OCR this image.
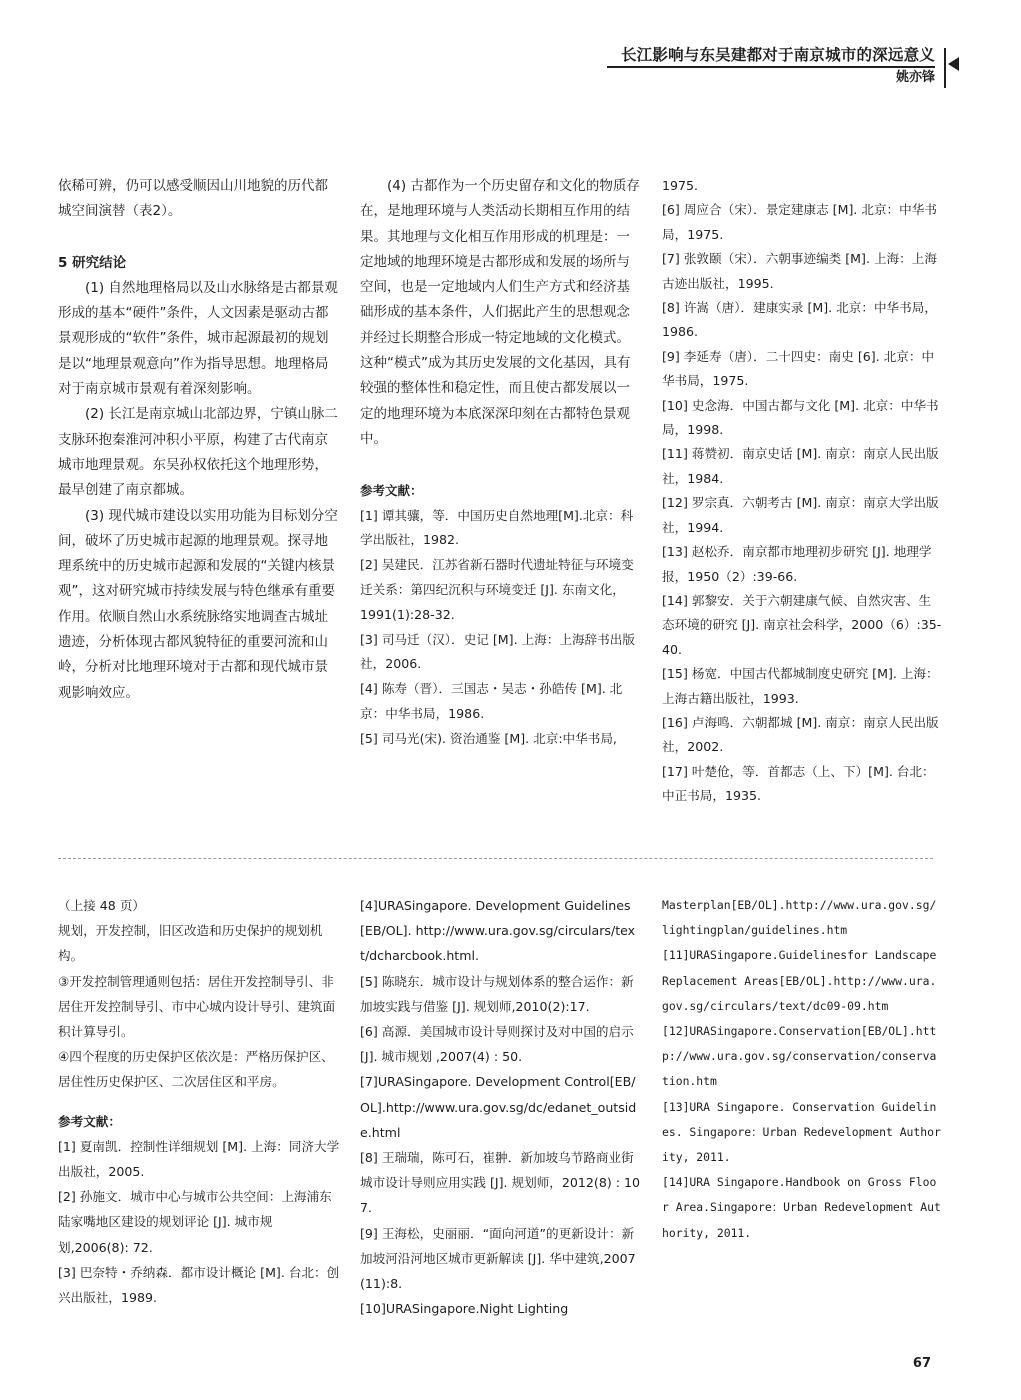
长江影响与东吴建都对于南京城市的深远意义
姚亦锋

依稀可辨，仍可以感受顺因山川地貌的历代都城空间演替（表2）。

5 研究结论

(1) 自然地理格局以及山水脉络是古都景观形成的基本“硬件”条件，人文因素是驱动古都景观形成的“软件”条件，城市起源最初的规划是以“地理景观意向”作为指导思想。地理格局对于南京城市景观有着深刻影响。

(2) 长江是南京城山北部边界，宁镇山脉二支脉环抱秦淮河冲积小平原，构建了古代南京城市地理景观。东吴孙权依托这个地理形势，最早创建了南京都城。

(3) 现代城市建设以实用功能为目标划分空间，破坏了历史城市起源的地理景观。探寻地理系统中的历史城市起源和发展的“关键内核景观”，这对研究城市持续发展与特色继承有重要作用。依顺自然山水系统脉络实地调查古城址遗迹，分析体现古都风貌特征的重要河流和山岭，分析对比地理环境对于古都和现代城市景观影响效应。

(4) 古都作为一个历史留存和文化的物质存在，是地理环境与人类活动长期相互作用的结果。其地理与文化相互作用形成的机理是：一定地域的地理环境是古都形成和发展的场所与空间，也是一定地域内人们生产方式和经济基础形成的基本条件，人们据此产生的思想观念并经过长期整合形成一特定地域的文化模式。这种“模式”成为其历史发展的文化基因，具有较强的整体性和稳定性，而且使古都发展以一定的地理环境为本底深深印刻在古都特色景观中。

参考文献：

[1] 谭其骧，等．中国历史自然地理[M].北京：科学出版社，1982.

[2] 吴建民．江苏省新石器时代遗址特征与环境变迁关系：第四纪沉积与环境变迁 [J]. 东南文化，1991(1):28-32.

[3] 司马迁（汉）．史记 [M]. 上海：上海辞书出版社，2006.

[4] 陈寿（晋）．三国志・吴志・孙皓传 [M]. 北京：中华书局，1986.

[5] 司马光(宋). 资治通鉴 [M]. 北京:中华书局,

1975.

[6] 周应合（宋）．景定建康志 [M]. 北京：中华书局，1975.

[7] 张敦颐（宋）．六朝事迹编类 [M]. 上海：上海古迹出版社，1995.

[8] 许嵩（唐）．建康实录 [M]. 北京：中华书局，1986.

[9] 李延寿（唐）．二十四史：南史 [6]. 北京：中华书局，1975.

[10] 史念海．中国古都与文化 [M]. 北京：中华书局，1998.

[11] 蒋赞初．南京史话 [M]. 南京：南京人民出版社，1984.

[12] 罗宗真．六朝考古 [M]. 南京：南京大学出版社，1994.

[13] 赵松乔．南京都市地理初步研究 [J]. 地理学报，1950（2）:39-66.

[14] 郭黎安．关于六朝建康气候、自然灾害、生态环境的研究 [J]. 南京社会科学，2000（6）:35-40.

[15] 杨宽．中国古代都城制度史研究 [M]. 上海：上海古籍出版社，1993.

[16] 卢海鸣．六朝都城 [M]. 南京：南京人民出版社，2002.

[17] 叶楚伧，等．首都志（上、下）[M]. 台北：中正书局，1935.

（上接 48 页）

规划，开发控制，旧区改造和历史保护的规划机构。

③开发控制管理通则包括：居住开发控制导引、非居住开发控制导引、市中心城内设计导引、建筑面积计算导引。

④四个程度的历史保护区依次是：严格历保护区、居住性历史保护区、二次居住区和平房。

参考文献：

[1] 夏南凯．控制性详细规划 [M]. 上海：同济大学出版社，2005.

[2] 孙施文．城市中心与城市公共空间：上海浦东陆家嘴地区建设的规划评论 [J]. 城市规划,2006(8): 72.

[3] 巴奈特・乔纳森．都市设计概论 [M]. 台北：创兴出版社，1989.

[4]URASingapore. Development Guidelines[EB/OL]. http://www.ura.gov.sg/circulars/text/dcharcbook.html.

[5] 陈晓东．城市设计与规划体系的整合运作：新加坡实践与借鉴 [J]. 规划师,2010(2):17.

[6] 高源．美国城市设计导则探讨及对中国的启示 [J]. 城市规划 ,2007(4) : 50.

[7]URASingapore. Development Control[EB/OL].http://www.ura.gov.sg/dc/edanet_outside.html

[8] 王瑞瑞，陈可石，崔翀．新加坡乌节路商业街城市设计导则应用实践 [J]. 规划师，2012(8) : 107.

[9] 王海松，史丽丽．“面向河道”的更新设计：新加坡河沿河地区城市更新解读 [J]. 华中建筑,2007(11):8.

[10]URASingapore.Night Lighting

Masterplan[EB/OL].http://www.ura.gov.sg/lightingplan/guidelines.htm

[11]URASingapore.Guidelinesfor Landscape Replacement Areas[EB/OL].http://www.ura.gov.sg/circulars/text/dc09-09.htm

[12]URASingapore.Conservation[EB/OL].http://www.ura.gov.sg/conservation/conservation.htm

[13]URA Singapore. Conservation Guidelines. Singapore：Urban Redevelopment Authority, 2011.

[14]URA Singapore.Handbook on Gross Floor Area.Singapore：Urban Redevelopment Authority, 2011.

67
